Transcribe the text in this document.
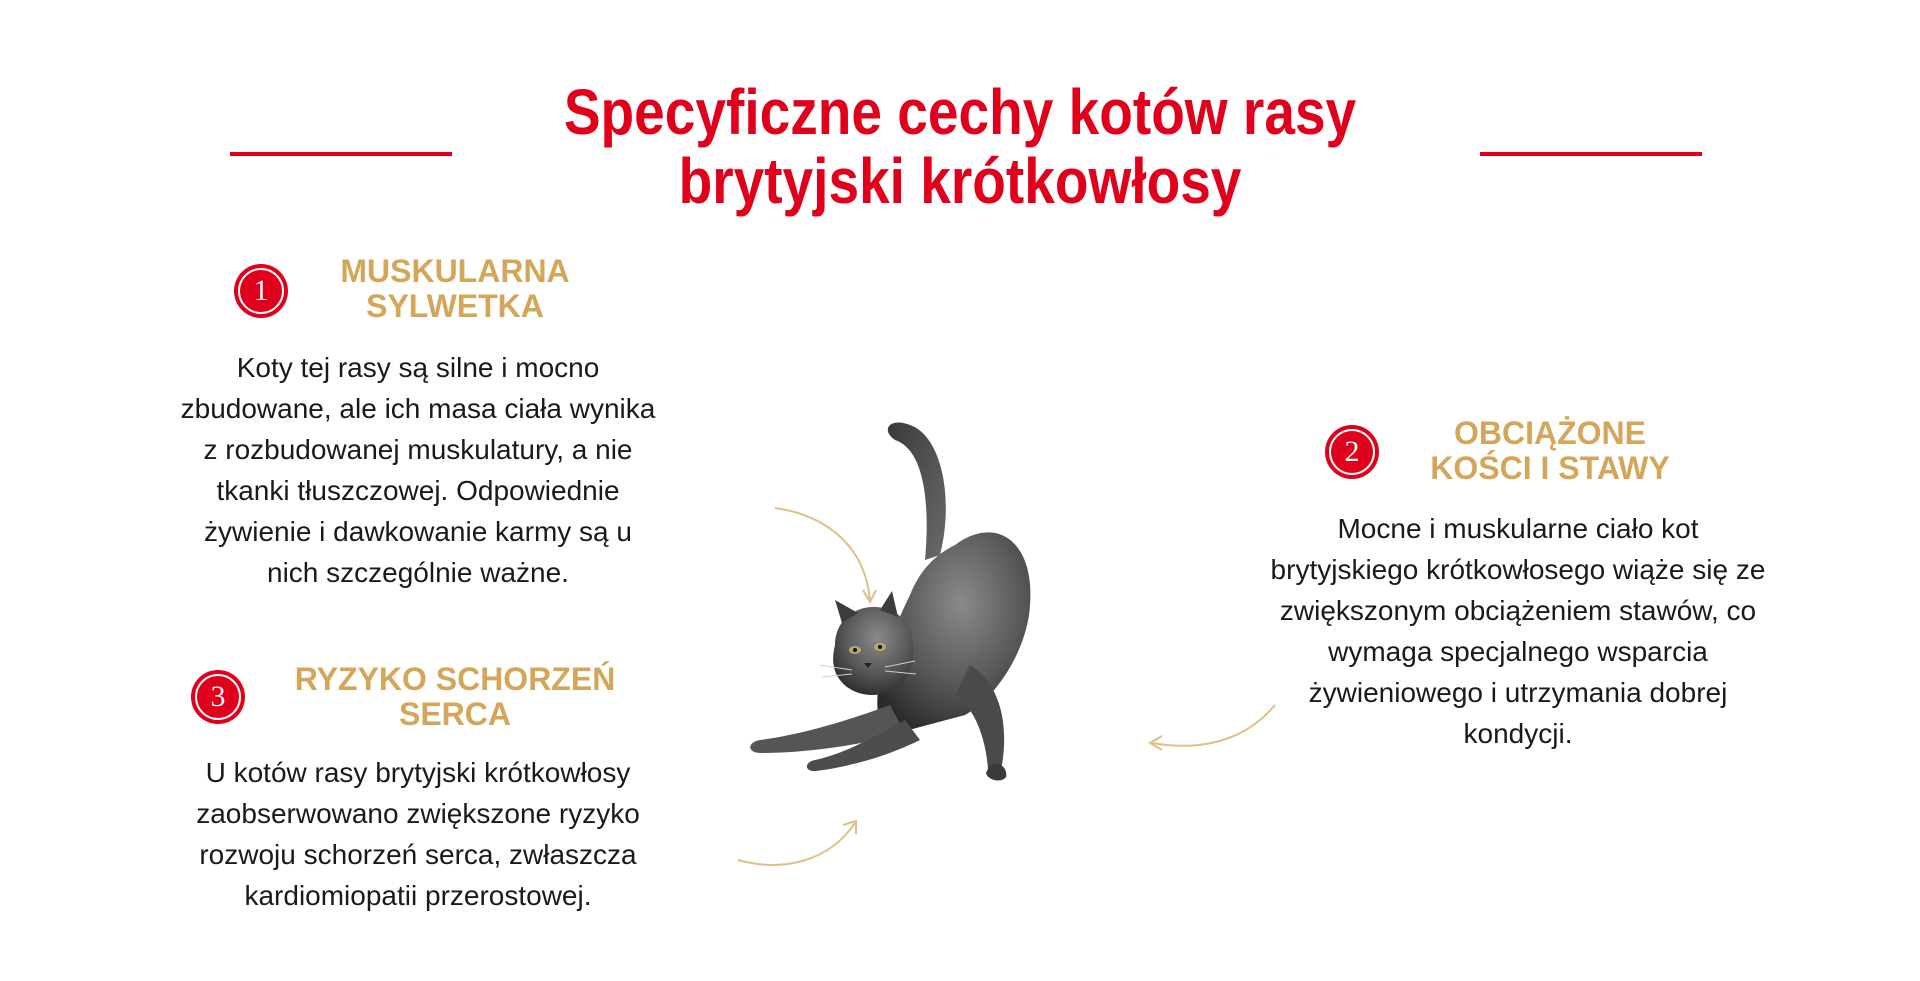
Specyficzne cechy kotów rasy brytyjski krótkowłosy
1
MUSKULARNA SYLWETKA

Koty tej rasy są silne i mocno zbudowane, ale ich masa ciała wynika z rozbudowanej muskulatury, a nie tkanki tłuszczowej. Odpowiednie żywienie i dawkowanie karmy są u nich szczególnie ważne.

3	RYZYKO SCHORZEŃ SERCA

U kotów rasy brytyjski krótkowłosy zaobserwowano zwiększone ryzyko rozwoju schorzeń serca, zwłaszcza kardiomiopatii przerostowej.

2
OBCIĄŻONE KOŚCI I STAWY

Mocne i muskularne ciało kot brytyjskiego krótkowłosego wiąże się ze zwiększonym obciążeniem stawów, co wymaga specjalnego wsparcia żywieniowego i utrzymania dobrej kondycji.
